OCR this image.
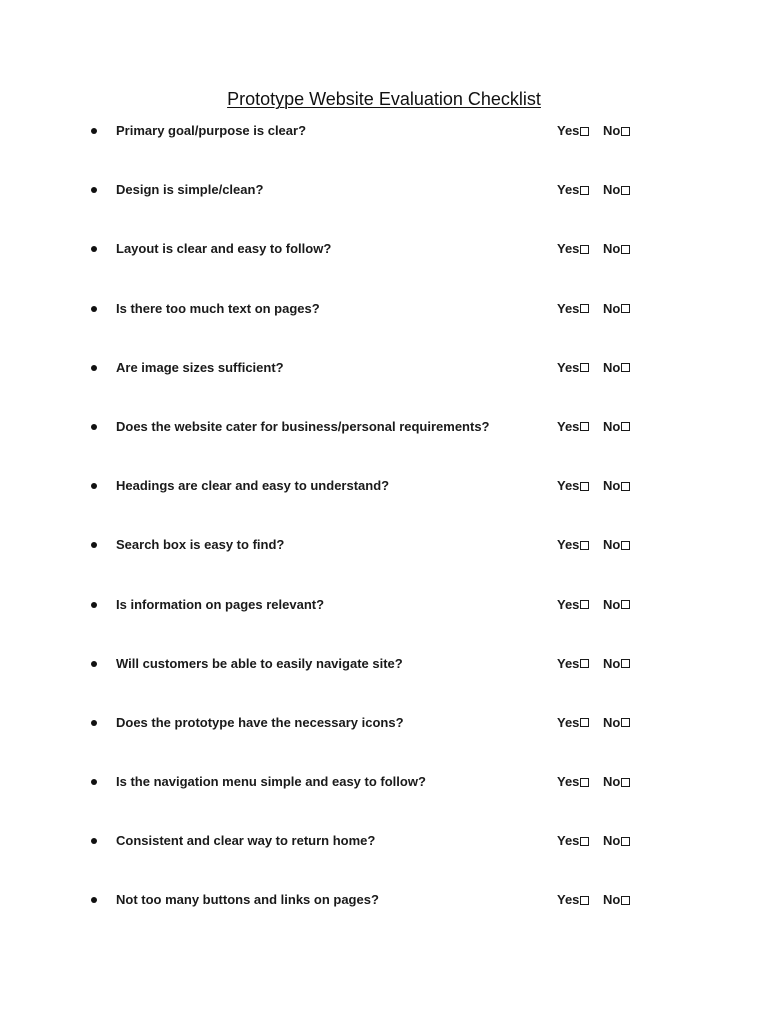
Prototype Website Evaluation Checklist
Primary goal/purpose is clear?	Yes No
Design is simple/clean?	Yes No
Layout is clear and easy to follow?	Yes No
Is there too much text on pages?	Yes No
Are image sizes sufficient?	Yes No
Does the website cater for business/personal requirements?	Yes No
Headings are clear and easy to understand?	Yes No
Search box is easy to find?	Yes No
Is information on pages relevant?	Yes No
Will customers be able to easily navigate site?	Yes No
Does the prototype have the necessary icons?	Yes No
Is the navigation menu simple and easy to follow?	Yes No
Consistent and clear way to return home?	Yes No
Not too many buttons and links on pages?	Yes No
